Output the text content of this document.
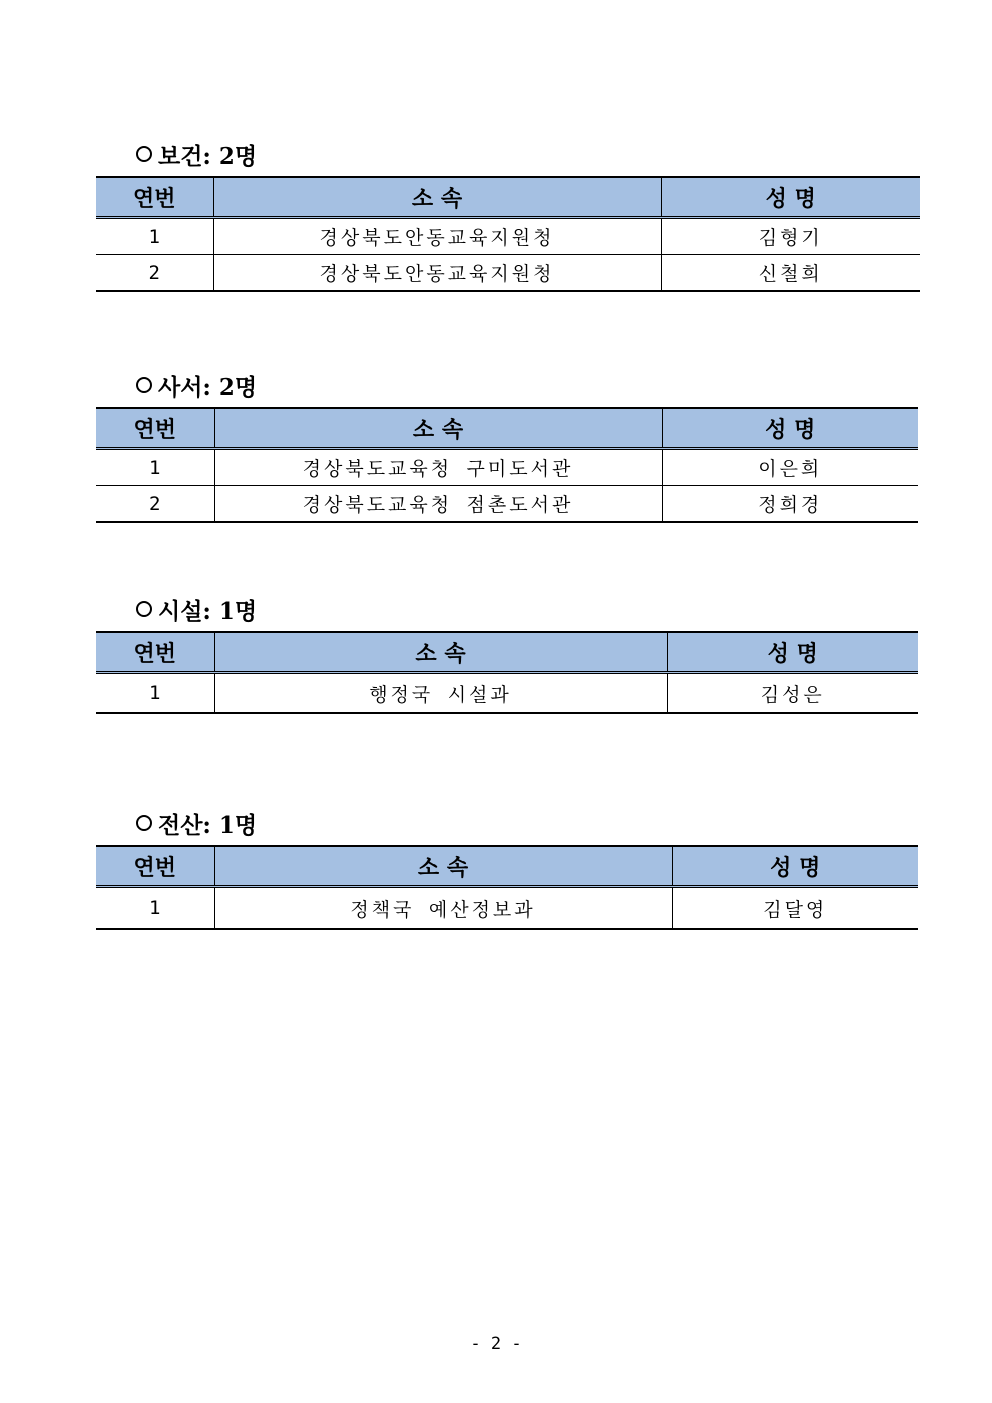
보건: 2명
연번	소 속	성 명
1	경상북도안동교육지원청	김형기
2	경상북도안동교육지원청	신철희
사서: 2명
연번	소 속	성 명
1	경상북도교육청 구미도서관	이은희
2	경상북도교육청 점촌도서관	정희경
시설: 1명
연번	소 속	성 명
1	행정국 시설과	김성은
전산: 1명
연번	소 속	성 명
1	정책국 예산정보과	김달영
- 2 -
